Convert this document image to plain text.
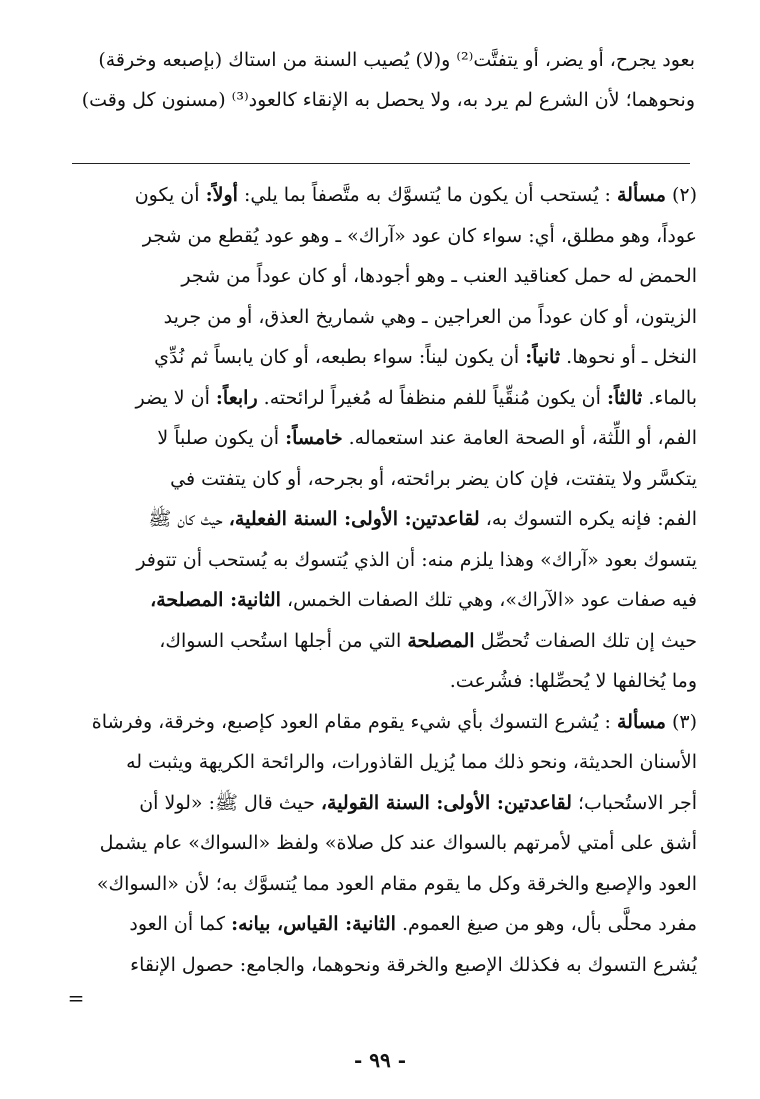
بعود يجرح، أو يضر، أو يتفتَّت⁽²⁾ و(لا) يُصيب السنة من استاك (بإصبعه وخرقة)
ونحوهما؛ لأن الشرع لم يرد به، ولا يحصل به الإنقاء كالعود⁽³⁾ (مسنون كل وقت)
(٢) مسألة : يُستحب أن يكون ما يُتسوَّك به متَّصفاً بما يلي: أولاً: أن يكون
عوداً، وهو مطلق، أي: سواء كان عود «آراك» ـ وهو عود يُقطع من شجر
الحمض له حمل كعناقيد العنب ـ وهو أجودها، أو كان عوداً من شجر
الزيتون، أو كان عوداً من العراجين ـ وهي شماريخ العذق، أو من جريد
النخل ـ أو نحوها. ثانياً: أن يكون ليناً: سواء بطبعه، أو كان يابساً ثم نُدِّي
بالماء. ثالثاً: أن يكون مُنقِّياً للفم منظفاً له مُغيراً لرائحته. رابعاً: أن لا يضر
الفم، أو اللِّثة، أو الصحة العامة عند استعماله. خامساً: أن يكون صلباً لا
يتكسَّر ولا يتفتت، فإن كان يضر برائحته، أو بجرحه، أو كان يتفتت في
الفم: فإنه يكره التسوك به، لقاعدتين: الأولى: السنة الفعلية، حيث كان ﷺ
يتسوك بعود «آراك» وهذا يلزم منه: أن الذي يُتسوك به يُستحب أن تتوفر
فيه صفات عود «الآراك»، وهي تلك الصفات الخمس، الثانية: المصلحة،
حيث إن تلك الصفات تُحصِّل المصلحة التي من أجلها استُحب السواك،
وما يُخالفها لا يُحصِّلها: فشُرعت.
(٣) مسألة : يُشرع التسوك بأي شيء يقوم مقام العود كإصبع، وخرقة، وفرشاة
الأسنان الحديثة، ونحو ذلك مما يُزيل القاذورات، والرائحة الكريهة ويثبت له
أجر الاستُحباب؛ لقاعدتين: الأولى: السنة القولية، حيث قال ﷺ: «لولا أن
أشق على أمتي لأمرتهم بالسواك عند كل صلاة» ولفظ «السواك» عام يشمل
العود والإصبع والخرقة وكل ما يقوم مقام العود مما يُتسوَّك به؛ لأن «السواك»
مفرد محلَّى بأل، وهو من صيغ العموم. الثانية: القياس، بيانه: كما أن العود
يُشرع التسوك به فكذلك الإصبع والخرقة ونحوهما، والجامع: حصول الإنقاء
=
- ٩٩ -
